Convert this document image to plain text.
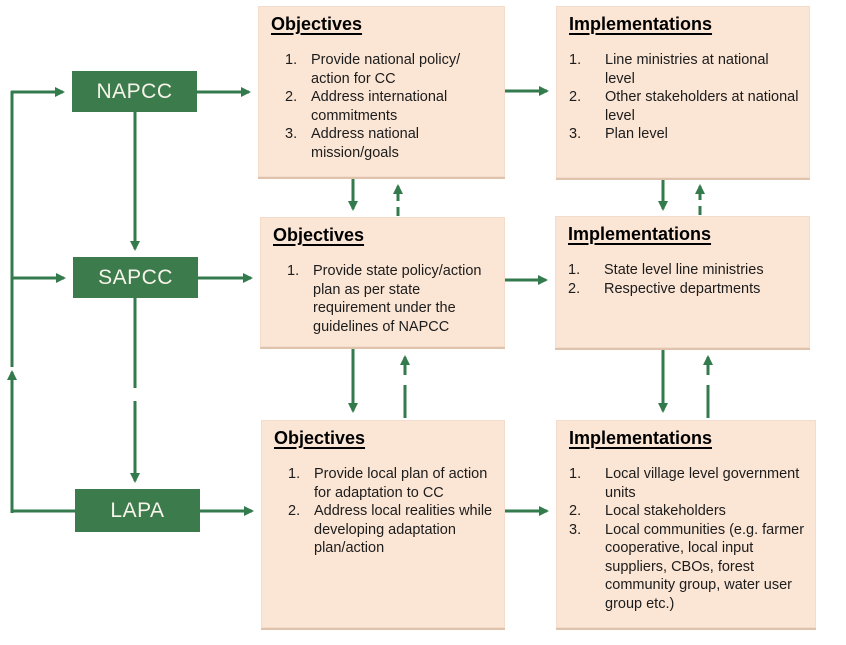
NAPCC
SAPCC
LAPA
Objectives
1. Provide national policy/ action for CC
2. Address international commitments
3. Address national mission/goals
Implementations
1.	Line ministries at national level
2.	Other stakeholders at national level
3.	Plan level
Objectives
1. Provide state policy/action plan as per state requirement under the guidelines of NAPCC
Implementations
1.	State level line ministries
2.	Respective departments
Objectives
1. Provide local plan of action for adaptation to CC
2. Address local realities while developing adaptation plan/action
Implementations
1.	Local village level government units
2.	Local stakeholders
3.	Local communities (e.g. farmer cooperative, local input suppliers, CBOs, forest community group, water user group etc.)
